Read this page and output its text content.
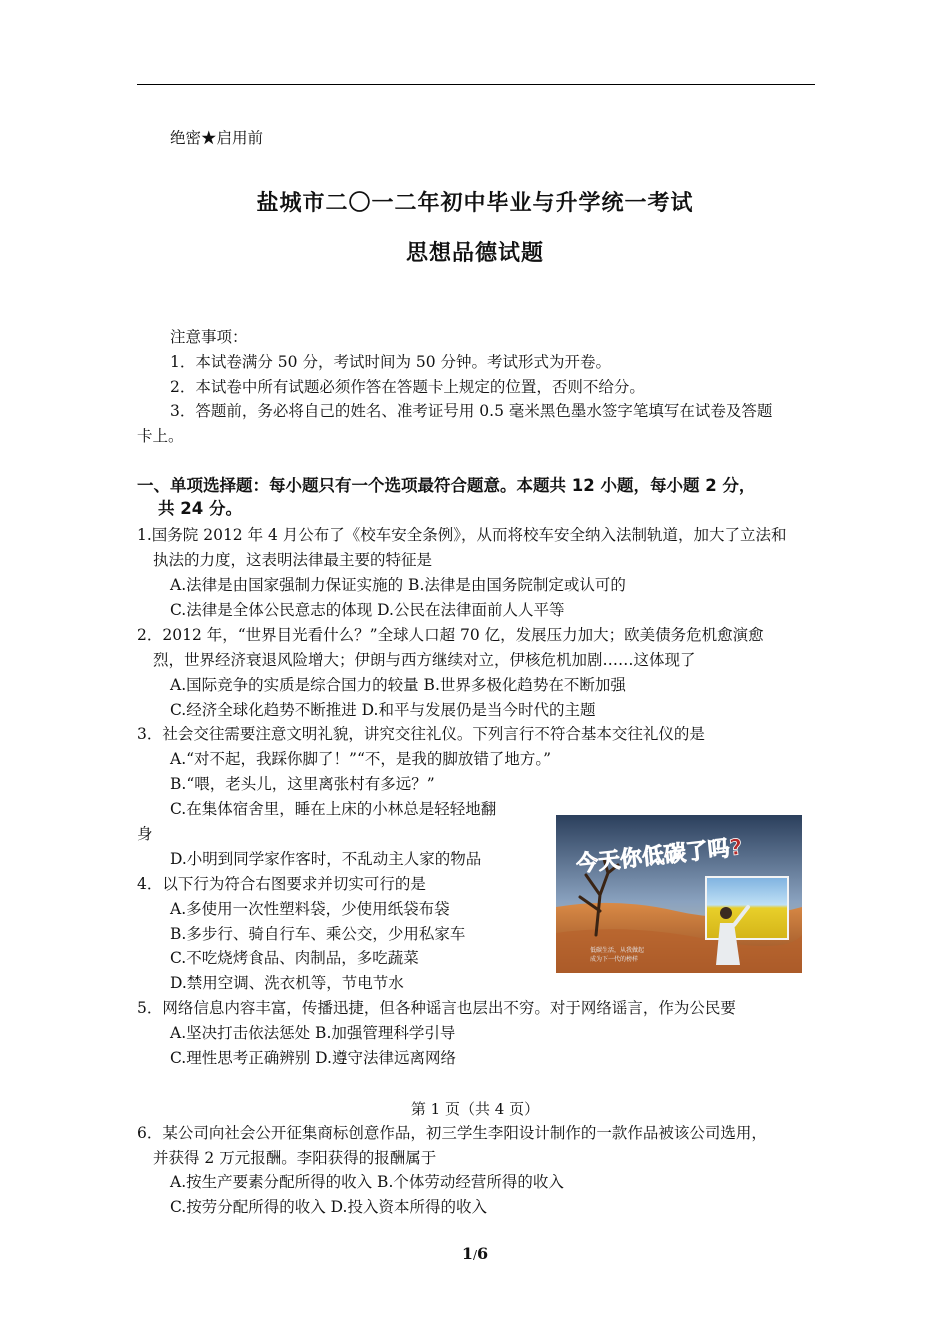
绝密★启用前
盐城市二〇一二年初中毕业与升学统一考试
思想品德试题
注意事项：
1．本试卷满分 50 分，考试时间为 50 分钟。考试形式为开卷。
2．本试卷中所有试题必须作答在答题卡上规定的位置，否则不给分。
3．答题前，务必将自己的姓名、准考证号用 0.5 毫米黑色墨水签字笔填写在试卷及答题
卡上。
一、单项选择题：每小题只有一个选项最符合题意。本题共 12 小题，每小题 2 分，
共 24 分。
1.国务院 2012 年 4 月公布了《校车安全条例》，从而将校车安全纳入法制轨道，加大了立法和
执法的力度，这表明法律最主要的特征是
A.法律是由国家强制力保证实施的 B.法律是由国务院制定或认可的
C.法律是全体公民意志的体现 D.公民在法律面前人人平等
2．2012 年，“世界目光看什么？”全球人口超 70 亿，发展压力加大；欧美债务危机愈演愈
烈，世界经济衰退风险增大；伊朗与西方继续对立，伊核危机加剧……这体现了
A.国际竞争的实质是综合国力的较量 B.世界多极化趋势在不断加强
C.经济全球化趋势不断推进 D.和平与发展仍是当今时代的主题
3．社会交往需要注意文明礼貌，讲究交往礼仪。下列言行不符合基本交往礼仪的是
A.“对不起，我踩你脚了！”“不，是我的脚放错了地方。”
B.“喂，老头儿，这里离张村有多远？”
C.在集体宿舍里，睡在上床的小林总是轻轻地翻
身
D.小明到同学家作客时，不乱动主人家的物品
4．以下行为符合右图要求并切实可行的是
A.多使用一次性塑料袋，少使用纸袋布袋
B.多步行、骑自行车、乘公交，少用私家车
C.不吃烧烤食品、肉制品，多吃蔬菜
D.禁用空调、洗衣机等，节电节水
5．网络信息内容丰富，传播迅捷，但各种谣言也层出不穷。对于网络谣言，作为公民要
A.坚决打击依法惩处 B.加强管理科学引导
C.理性思考正确辨别 D.遵守法律远离网络
第 1 页（共 4 页）
6．某公司向社会公开征集商标创意作品，初三学生李阳设计制作的一款作品被该公司选用，
并获得 2 万元报酬。李阳获得的报酬属于
A.按生产要素分配所得的收入 B.个体劳动经营所得的收入
C.按劳分配所得的收入 D.投入资本所得的收入
1/6
今天你低碳了吗?
低碳生活，从我做起
成为下一代的榜样
